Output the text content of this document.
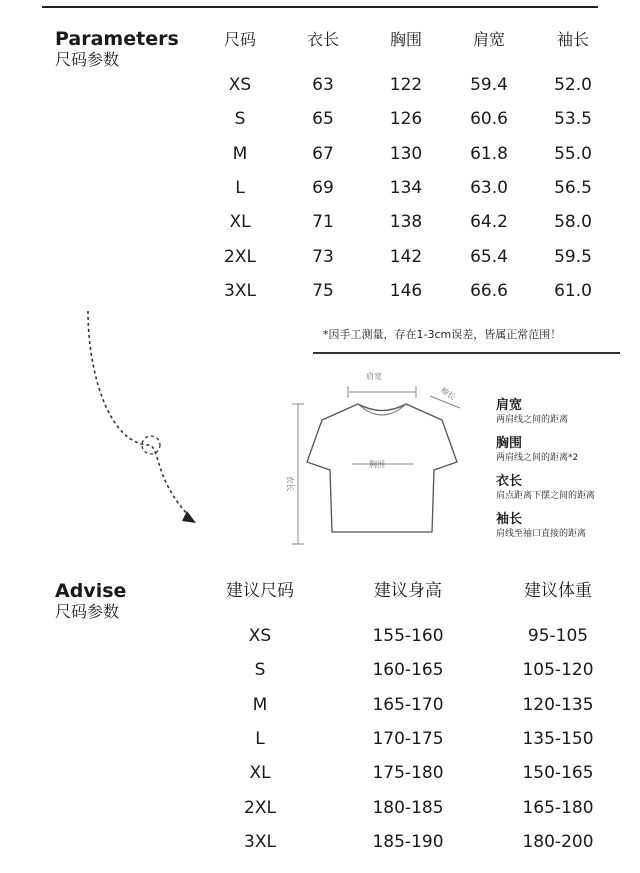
Parameters
尺码参数
尺码	衣长	胸围	肩宽	袖长
XS	63	122	59.4	52.0
S	65	126	60.6	53.5
M	67	130	61.8	55.0
L	69	134	63.0	56.5
XL	71	138	64.2	58.0
2XL	73	142	65.4	59.5
3XL	75	146	66.6	61.0
*因手工测量，存在1-3cm误差，皆属正常范围！
肩宽
袖长
胸围
衣长
肩宽
两肩线之间的距离
胸围
两肩线之间的距离*2
衣长
肩点距离下摆之间的距离
袖长
肩线至袖口直接的距离
Advise
尺码参数
建议尺码	建议身高	建议体重
XS	155-160	95-105
S	160-165	105-120
M	165-170	120-135
L	170-175	135-150
XL	175-180	150-165
2XL	180-185	165-180
3XL	185-190	180-200
